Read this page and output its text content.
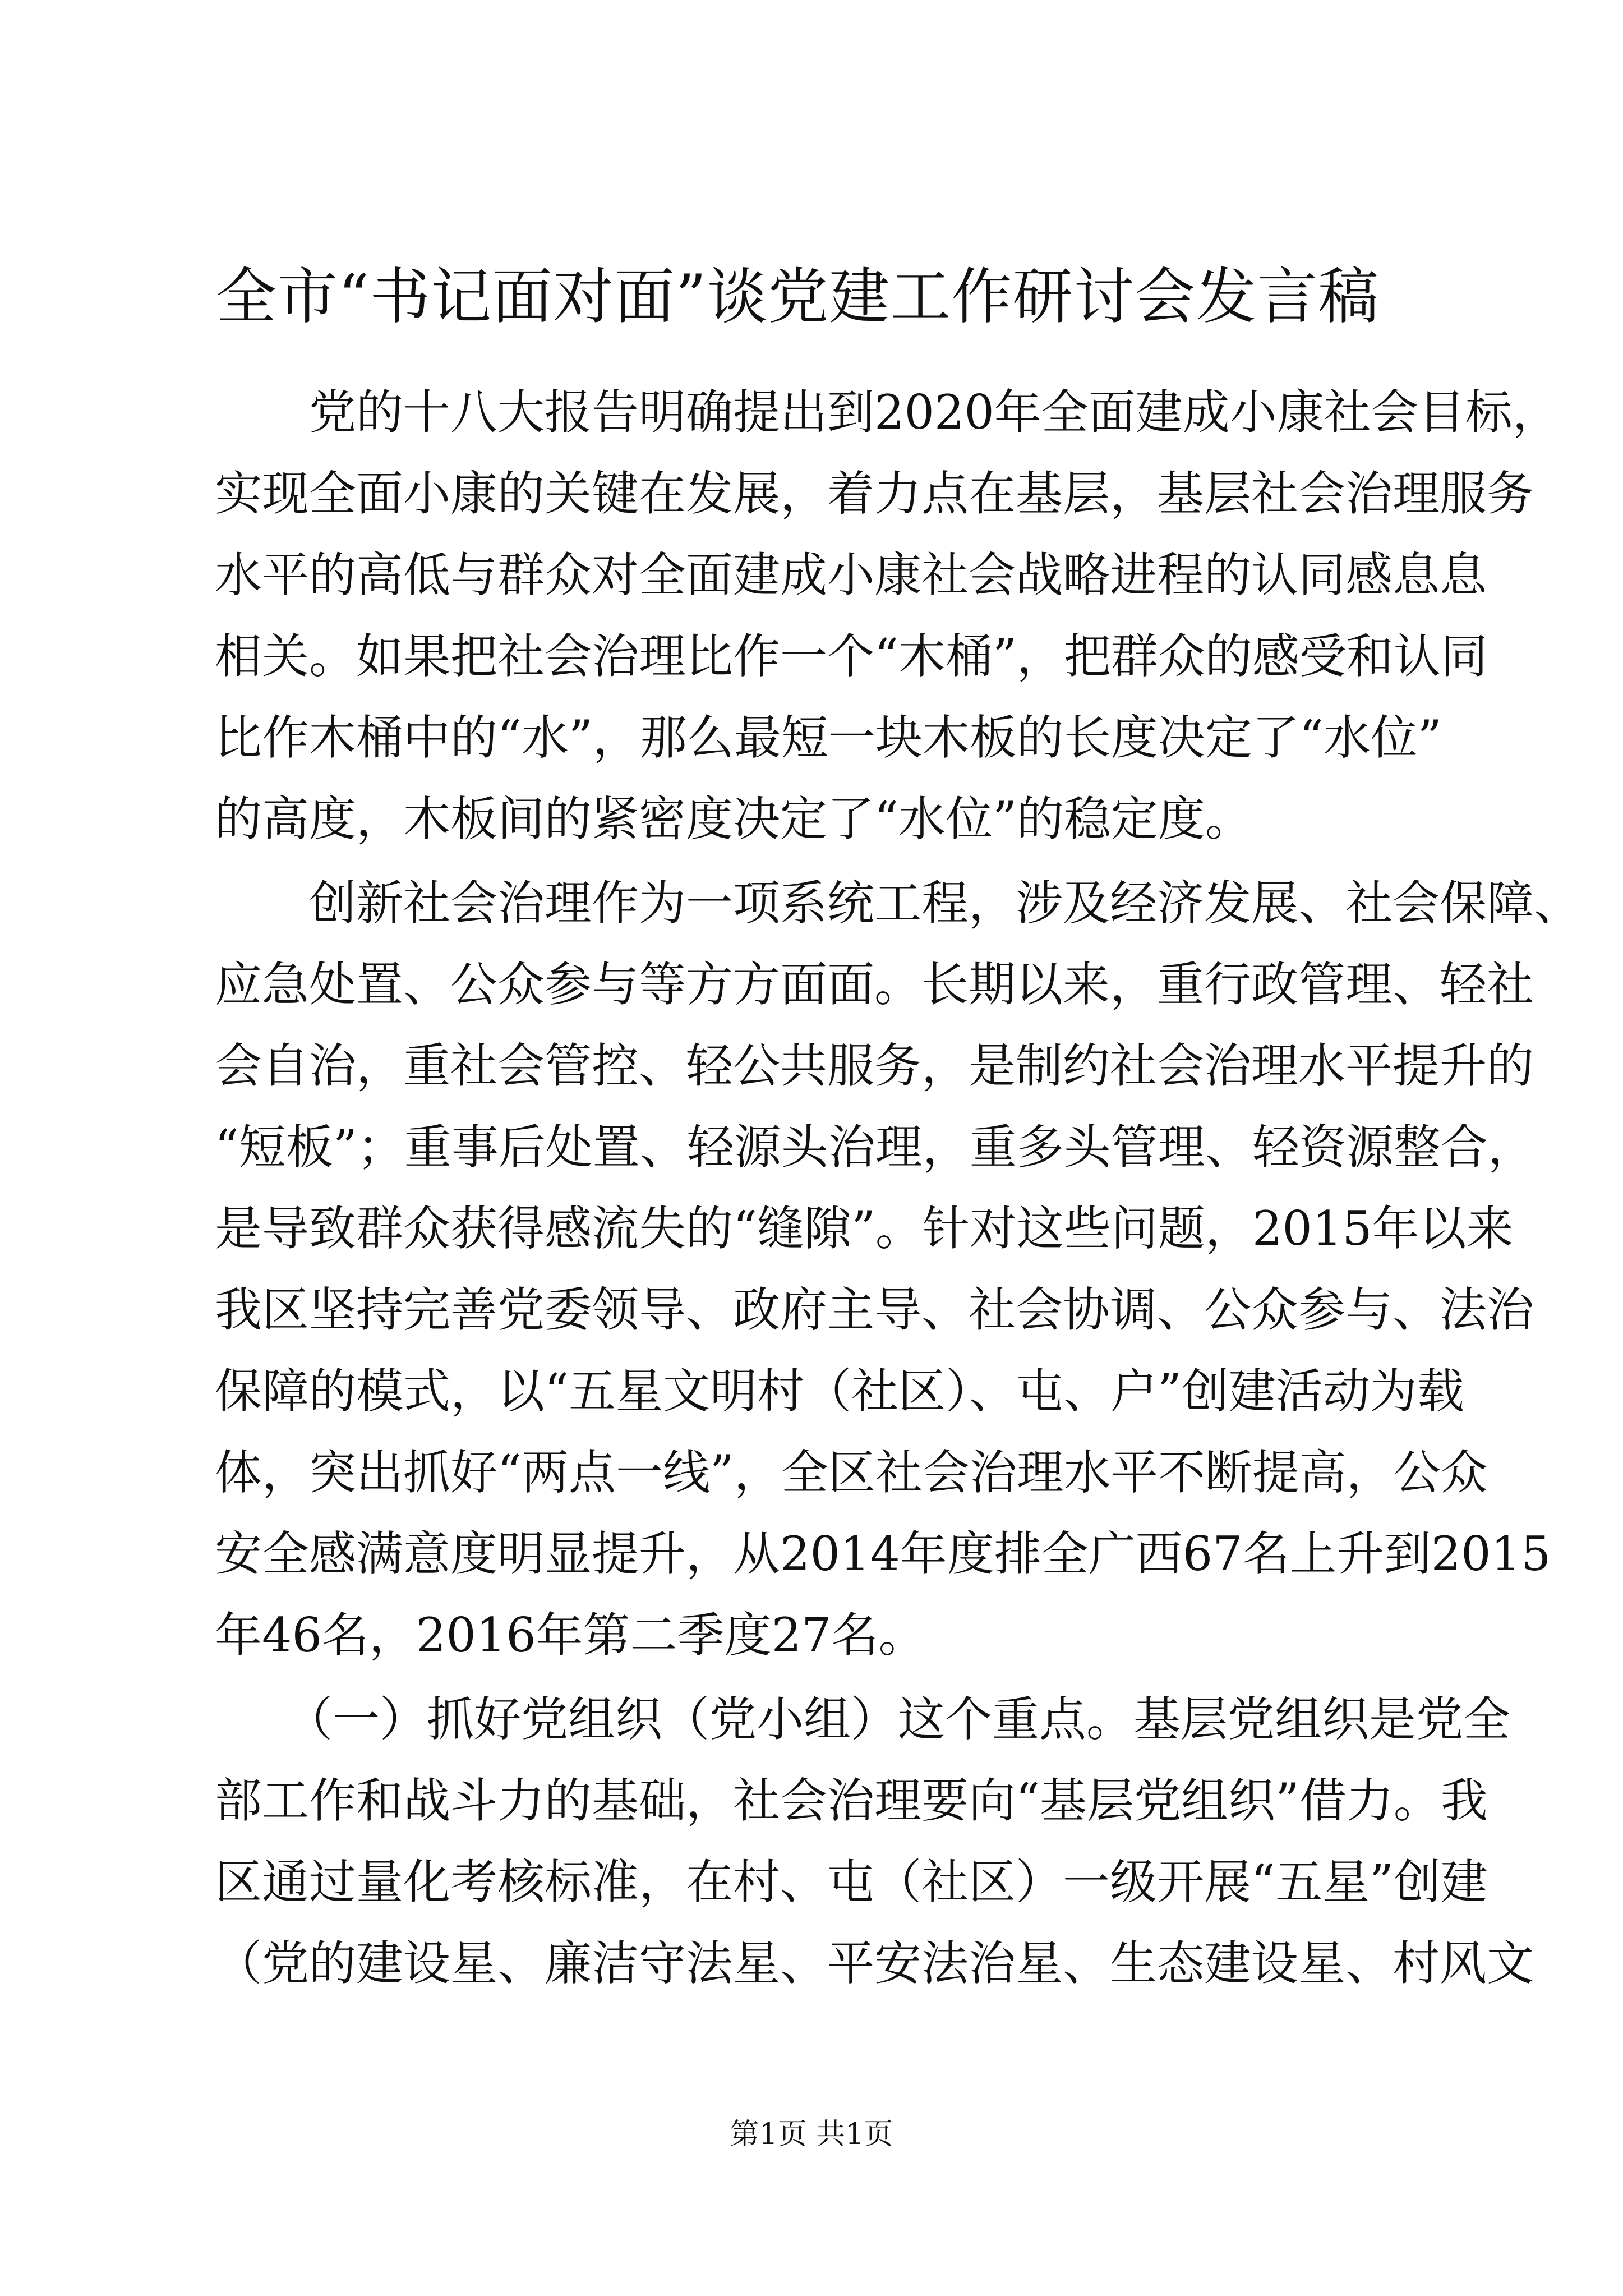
全市“书记面对面”谈党建工作研讨会发言稿

　　党的十八大报告明确提出到2020年全面建成小康社会目标，

实现全面小康的关键在发展，着力点在基层，基层社会治理服务

水平的高低与群众对全面建成小康社会战略进程的认同感息息

相关。如果把社会治理比作一个“木桶”，把群众的感受和认同

比作木桶中的“水”，那么最短一块木板的长度决定了“水位”

的高度，木板间的紧密度决定了“水位”的稳定度。

　　创新社会治理作为一项系统工程，涉及经济发展、社会保障、

应急处置、公众参与等方方面面。长期以来，重行政管理、轻社

会自治，重社会管控、轻公共服务，是制约社会治理水平提升的

“短板”；重事后处置、轻源头治理，重多头管理、轻资源整合，

是导致群众获得感流失的“缝隙”。针对这些问题，2015年以来

我区坚持完善党委领导、政府主导、社会协调、公众参与、法治

保障的模式，以“五星文明村（社区）、屯、户”创建活动为载

体，突出抓好“两点一线”，全区社会治理水平不断提高，公众

安全感满意度明显提升，从2014年度排全广西67名上升到2015

年46名，2016年第二季度27名。

　　（一）抓好党组织（党小组）这个重点。基层党组织是党全

部工作和战斗力的基础，社会治理要向“基层党组织”借力。我

区通过量化考核标准，在村、屯（社区）一级开展“五星”创建

（党的建设星、廉洁守法星、平安法治星、生态建设星、村风文

第1页 共1页
